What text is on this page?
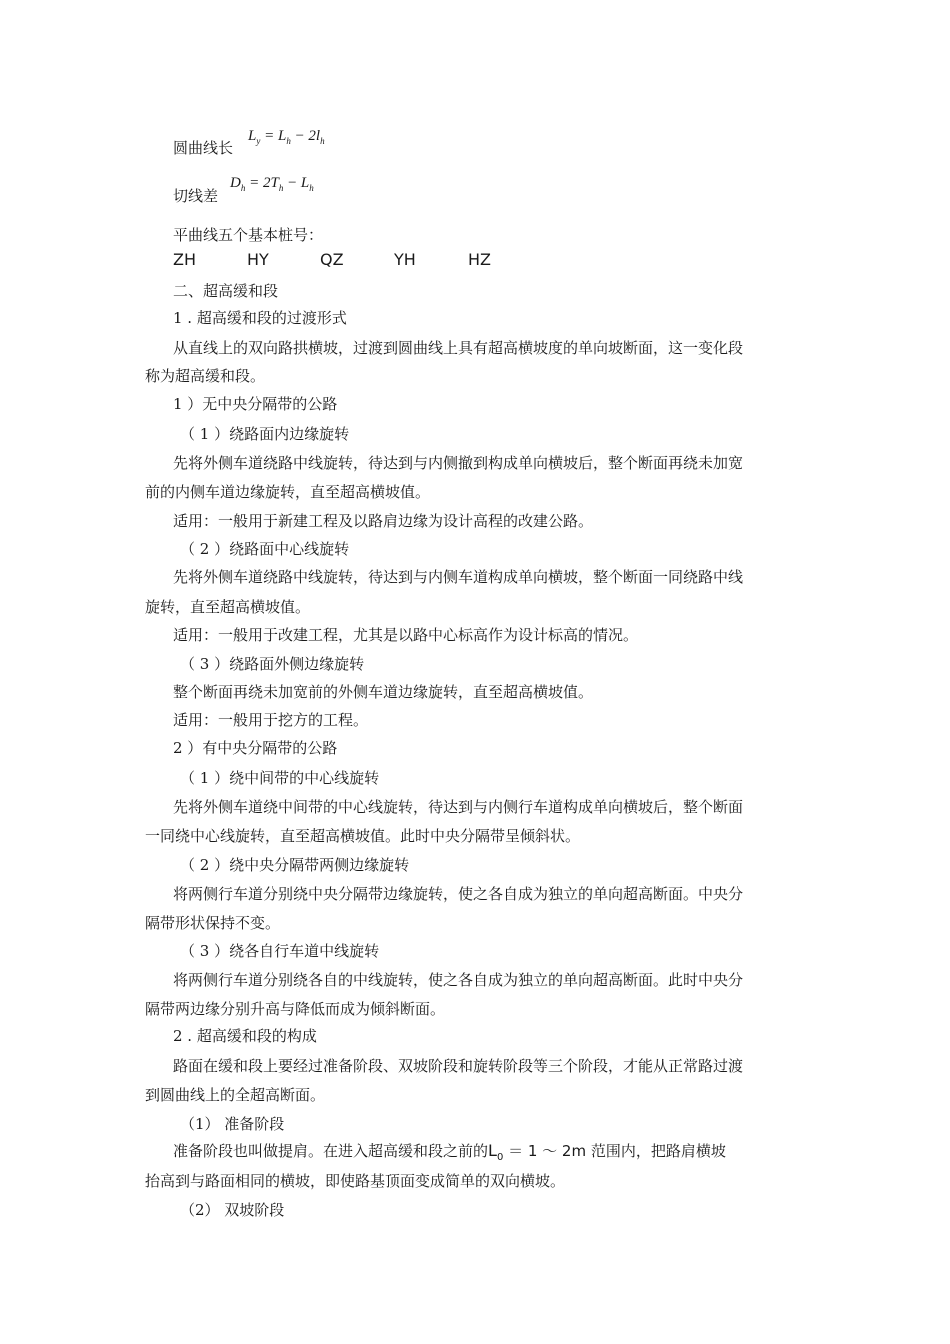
圆曲线长
$L_y = L_h - 2l_h$
切线差
$D_h = 2T_h - L_h$
平曲线五个基本桩号：
ZH	HY	QZ	YH	HZ
二、超高缓和段
1 . 超高缓和段的过渡形式
从直线上的双向路拱横坡，过渡到圆曲线上具有超高横坡度的单向坡断面，这一变化段
称为超高缓和段。
1 ）无中央分隔带的公路
（ 1 ）绕路面内边缘旋转
先将外侧车道绕路中线旋转，待达到与内侧撤到构成单向横坡后，整个断面再绕未加宽
前的内侧车道边缘旋转，直至超高横坡值。
适用：一般用于新建工程及以路肩边缘为设计高程的改建公路。
（ 2 ）绕路面中心线旋转
先将外侧车道绕路中线旋转，待达到与内侧车道构成单向横坡，整个断面一同绕路中线
旋转，直至超高横坡值。
适用：一般用于改建工程，尤其是以路中心标高作为设计标高的情况。
（ 3 ）绕路面外侧边缘旋转
整个断面再绕未加宽前的外侧车道边缘旋转，直至超高横坡值。
适用：一般用于挖方的工程。
2 ）有中央分隔带的公路
（ 1 ）绕中间带的中心线旋转
先将外侧车道绕中间带的中心线旋转，待达到与内侧行车道构成单向横坡后，整个断面
一同绕中心线旋转，直至超高横坡值。此时中央分隔带呈倾斜状。
（ 2 ）绕中央分隔带两侧边缘旋转
将两侧行车道分别绕中央分隔带边缘旋转，使之各自成为独立的单向超高断面。中央分
隔带形状保持不变。
（ 3 ）绕各自行车道中线旋转
将两侧行车道分别绕各自的中线旋转，使之各自成为独立的单向超高断面。此时中央分
隔带两边缘分别升高与降低而成为倾斜断面。
2 . 超高缓和段的构成
路面在缓和段上要经过准备阶段、双坡阶段和旋转阶段等三个阶段，才能从正常路过渡
到圆曲线上的全超高断面。
（1） 准备阶段
准备阶段也叫做提肩。在进入超高缓和段之前的$L_0 = 1$ ～ 2m 范围内，把路肩横坡
抬高到与路面相同的横坡，即使路基顶面变成简单的双向横坡。
（2） 双坡阶段
